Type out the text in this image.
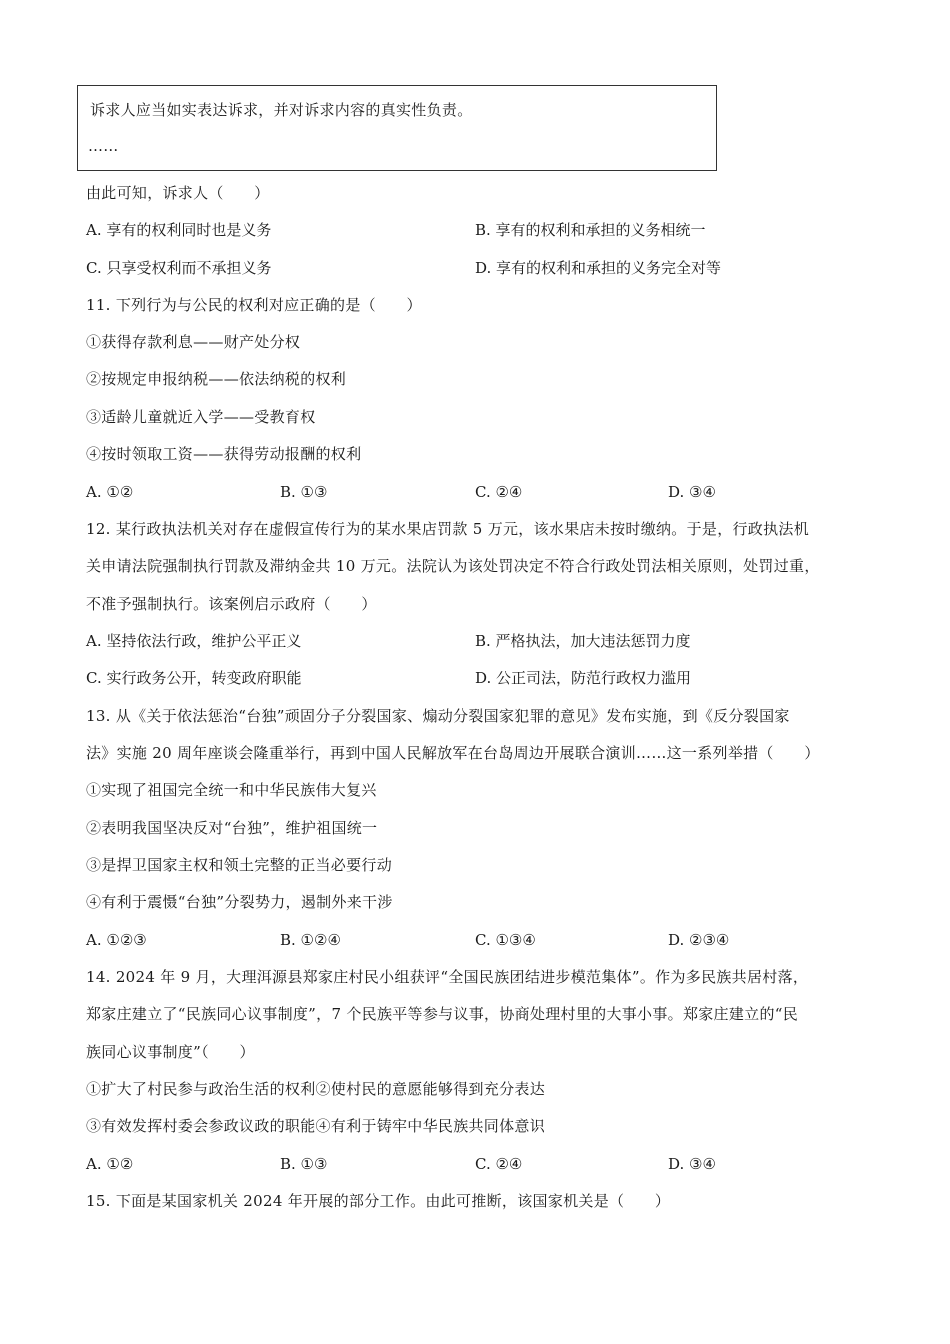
诉求人应当如实表达诉求，并对诉求内容的真实性负责。
……
由此可知，诉求人（　　）
A. 享有的权利同时也是义务	B. 享有的权利和承担的义务相统一
C. 只享受权利而不承担义务	D. 享有的权利和承担的义务完全对等
11. 下列行为与公民的权利对应正确的是（　　）
①获得存款利息——财产处分权
②按规定申报纳税——依法纳税的权利
③适龄儿童就近入学——受教育权
④按时领取工资——获得劳动报酬的权利
A. ①②	B. ①③	C. ②④	D. ③④
12. 某行政执法机关对存在虚假宣传行为的某水果店罚款 5 万元，该水果店未按时缴纳。于是，行政执法机
关申请法院强制执行罚款及滞纳金共 10 万元。法院认为该处罚决定不符合行政处罚法相关原则，处罚过重，
不准予强制执行。该案例启示政府（　　）
A. 坚持依法行政，维护公平正义	B. 严格执法，加大违法惩罚力度
C. 实行政务公开，转变政府职能	D. 公正司法，防范行政权力滥用
13. 从《关于依法惩治“台独”顽固分子分裂国家、煽动分裂国家犯罪的意见》发布实施，到《反分裂国家
法》实施 20 周年座谈会隆重举行，再到中国人民解放军在台岛周边开展联合演训……这一系列举措（　　）
①实现了祖国完全统一和中华民族伟大复兴
②表明我国坚决反对“台独”，维护祖国统一
③是捍卫国家主权和领土完整的正当必要行动
④有利于震慑“台独”分裂势力，遏制外来干涉
A. ①②③	B. ①②④	C. ①③④	D. ②③④
14. 2024 年 9 月，大理洱源县郑家庄村民小组获评“全国民族团结进步模范集体”。作为多民族共居村落，
郑家庄建立了“民族同心议事制度”，7 个民族平等参与议事，协商处理村里的大事小事。郑家庄建立的“民
族同心议事制度”（　　）
①扩大了村民参与政治生活的权利②使村民的意愿能够得到充分表达
③有效发挥村委会参政议政的职能④有利于铸牢中华民族共同体意识
A. ①②	B. ①③	C. ②④	D. ③④
15. 下面是某国家机关 2024 年开展的部分工作。由此可推断，该国家机关是（　　）
